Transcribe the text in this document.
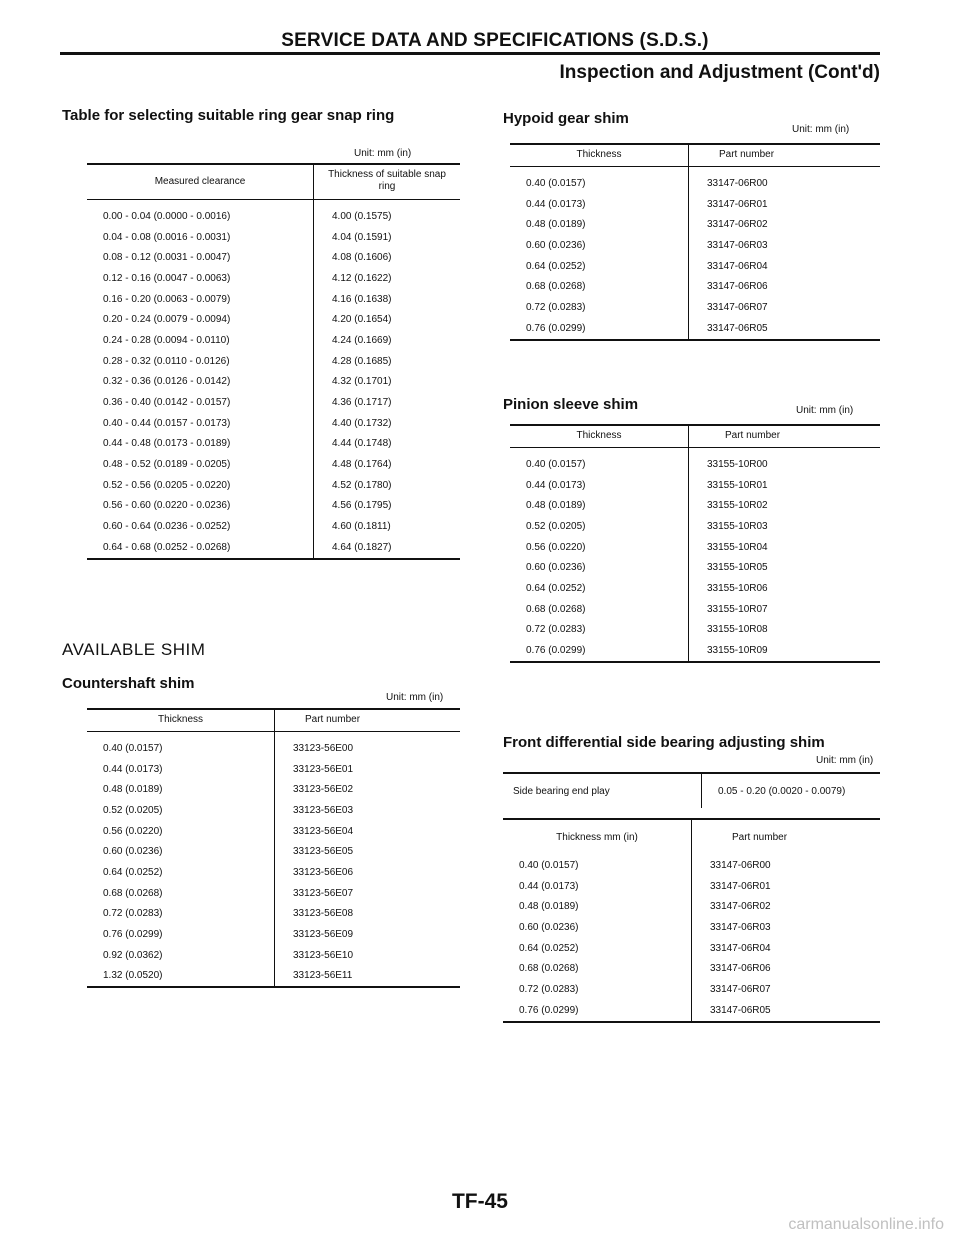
SERVICE DATA AND SPECIFICATIONS (S.D.S.)
Inspection and Adjustment (Cont'd)
Table for selecting suitable ring gear snap ring
Unit: mm (in)
Measured clearance	Thickness of suitable snap ring
0.00 - 0.04 (0.0000 - 0.0016)	4.00 (0.1575)
0.04 - 0.08 (0.0016 - 0.0031)	4.04 (0.1591)
0.08 - 0.12 (0.0031 - 0.0047)	4.08 (0.1606)
0.12 - 0.16 (0.0047 - 0.0063)	4.12 (0.1622)
0.16 - 0.20 (0.0063 - 0.0079)	4.16 (0.1638)
0.20 - 0.24 (0.0079 - 0.0094)	4.20 (0.1654)
0.24 - 0.28 (0.0094 - 0.0110)	4.24 (0.1669)
0.28 - 0.32 (0.0110 - 0.0126)	4.28 (0.1685)
0.32 - 0.36 (0.0126 - 0.0142)	4.32 (0.1701)
0.36 - 0.40 (0.0142 - 0.0157)	4.36 (0.1717)
0.40 - 0.44 (0.0157 - 0.0173)	4.40 (0.1732)
0.44 - 0.48 (0.0173 - 0.0189)	4.44 (0.1748)
0.48 - 0.52 (0.0189 - 0.0205)	4.48 (0.1764)
0.52 - 0.56 (0.0205 - 0.0220)	4.52 (0.1780)
0.56 - 0.60 (0.0220 - 0.0236)	4.56 (0.1795)
0.60 - 0.64 (0.0236 - 0.0252)	4.60 (0.1811)
0.64 - 0.68 (0.0252 - 0.0268)	4.64 (0.1827)
AVAILABLE SHIM
Countershaft shim
Unit: mm (in)
Thickness	Part number
0.40 (0.0157)	33123-56E00
0.44 (0.0173)	33123-56E01
0.48 (0.0189)	33123-56E02
0.52 (0.0205)	33123-56E03
0.56 (0.0220)	33123-56E04
0.60 (0.0236)	33123-56E05
0.64 (0.0252)	33123-56E06
0.68 (0.0268)	33123-56E07
0.72 (0.0283)	33123-56E08
0.76 (0.0299)	33123-56E09
0.92 (0.0362)	33123-56E10
1.32 (0.0520)	33123-56E11
Hypoid gear shim
Unit: mm (in)
Thickness	Part number
0.40 (0.0157)	33147-06R00
0.44 (0.0173)	33147-06R01
0.48 (0.0189)	33147-06R02
0.60 (0.0236)	33147-06R03
0.64 (0.0252)	33147-06R04
0.68 (0.0268)	33147-06R06
0.72 (0.0283)	33147-06R07
0.76 (0.0299)	33147-06R05
Pinion sleeve shim	Unit: mm (in)
Thickness	Part number
0.40 (0.0157)	33155-10R00
0.44 (0.0173)	33155-10R01
0.48 (0.0189)	33155-10R02
0.52 (0.0205)	33155-10R03
0.56 (0.0220)	33155-10R04
0.60 (0.0236)	33155-10R05
0.64 (0.0252)	33155-10R06
0.68 (0.0268)	33155-10R07
0.72 (0.0283)	33155-10R08
0.76 (0.0299)	33155-10R09
Front differential side bearing adjusting shim
Unit: mm (in)
Side bearing end play	0.05 - 0.20 (0.0020 - 0.0079)
Thickness mm (in)	Part number
0.40 (0.0157)	33147-06R00
0.44 (0.0173)	33147-06R01
0.48 (0.0189)	33147-06R02
0.60 (0.0236)	33147-06R03
0.64 (0.0252)	33147-06R04
0.68 (0.0268)	33147-06R06
0.72 (0.0283)	33147-06R07
0.76 (0.0299)	33147-06R05
TF-45
carmanualsonline.info
